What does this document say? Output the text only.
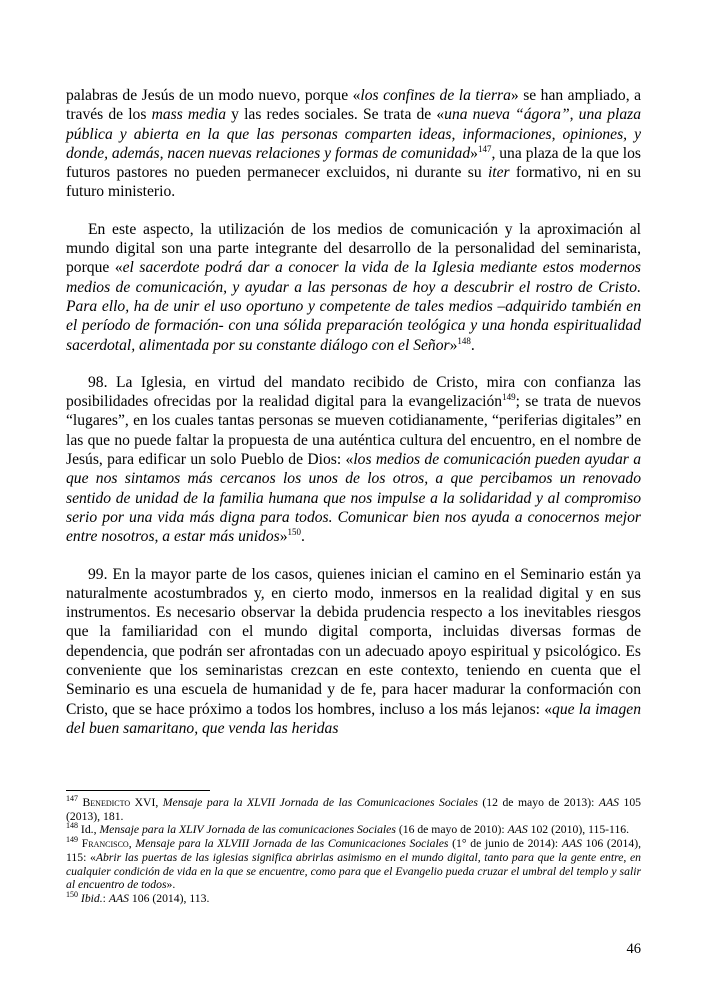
palabras de Jesús de un modo nuevo, porque «los confines de la tierra» se han ampliado, a través de los mass media y las redes sociales. Se trata de «una nueva “ágora”, una plaza pública y abierta en la que las personas comparten ideas, informaciones, opiniones, y donde, además, nacen nuevas relaciones y formas de comunidad»$^{147}$, una plaza de la que los futuros pastores no pueden permanecer excluidos, ni durante su iter formativo, ni en su futuro ministerio.

En este aspecto, la utilización de los medios de comunicación y la aproximación al mundo digital son una parte integrante del desarrollo de la personalidad del seminarista, porque «el sacerdote podrá dar a conocer la vida de la Iglesia mediante estos modernos medios de comunicación, y ayudar a las personas de hoy a descubrir el rostro de Cristo. Para ello, ha de unir el uso oportuno y competente de tales medios –adquirido también en el período de formación- con una sólida preparación teológica y una honda espiritualidad sacerdotal, alimentada por su constante diálogo con el Señor»$^{148}$.

98. La Iglesia, en virtud del mandato recibido de Cristo, mira con confianza las posibilidades ofrecidas por la realidad digital para la evangelización$^{149}$; se trata de nuevos “lugares”, en los cuales tantas personas se mueven cotidianamente, “periferias digitales” en las que no puede faltar la propuesta de una auténtica cultura del encuentro, en el nombre de Jesús, para edificar un solo Pueblo de Dios: «los medios de comunicación pueden ayudar a que nos sintamos más cercanos los unos de los otros, a que percibamos un renovado sentido de unidad de la familia humana que nos impulse a la solidaridad y al compromiso serio por una vida más digna para todos. Comunicar bien nos ayuda a conocernos mejor entre nosotros, a estar más unidos»$^{150}$.

99. En la mayor parte de los casos, quienes inician el camino en el Seminario están ya naturalmente acostumbrados y, en cierto modo, inmersos en la realidad digital y en sus instrumentos. Es necesario observar la debida prudencia respecto a los inevitables riesgos que la familiaridad con el mundo digital comporta, incluidas diversas formas de dependencia, que podrán ser afrontadas con un adecuado apoyo espiritual y psicológico. Es conveniente que los seminaristas crezcan en este contexto, teniendo en cuenta que el Seminario es una escuela de humanidad y de fe, para hacer madurar la conformación con Cristo, que se hace próximo a todos los hombres, incluso a los más lejanos: «que la imagen del buen samaritano, que venda las heridas

$^{147}$ Benedicto XVI, Mensaje para la XLVII Jornada de las Comunicaciones Sociales (12 de mayo de 2013): AAS 105 (2013), 181.

$^{148}$ Id., Mensaje para la XLIV Jornada de las comunicaciones Sociales (16 de mayo de 2010): AAS 102 (2010), 115-116.

$^{149}$ Francisco, Mensaje para la XLVIII Jornada de las Comunicaciones Sociales (1° de junio de 2014): AAS 106 (2014), 115: «Abrir las puertas de las iglesias significa abrirlas asimismo en el mundo digital, tanto para que la gente entre, en cualquier condición de vida en la que se encuentre, como para que el Evangelio pueda cruzar el umbral del templo y salir al encuentro de todos».

$^{150}$ Ibid.: AAS 106 (2014), 113.

46
